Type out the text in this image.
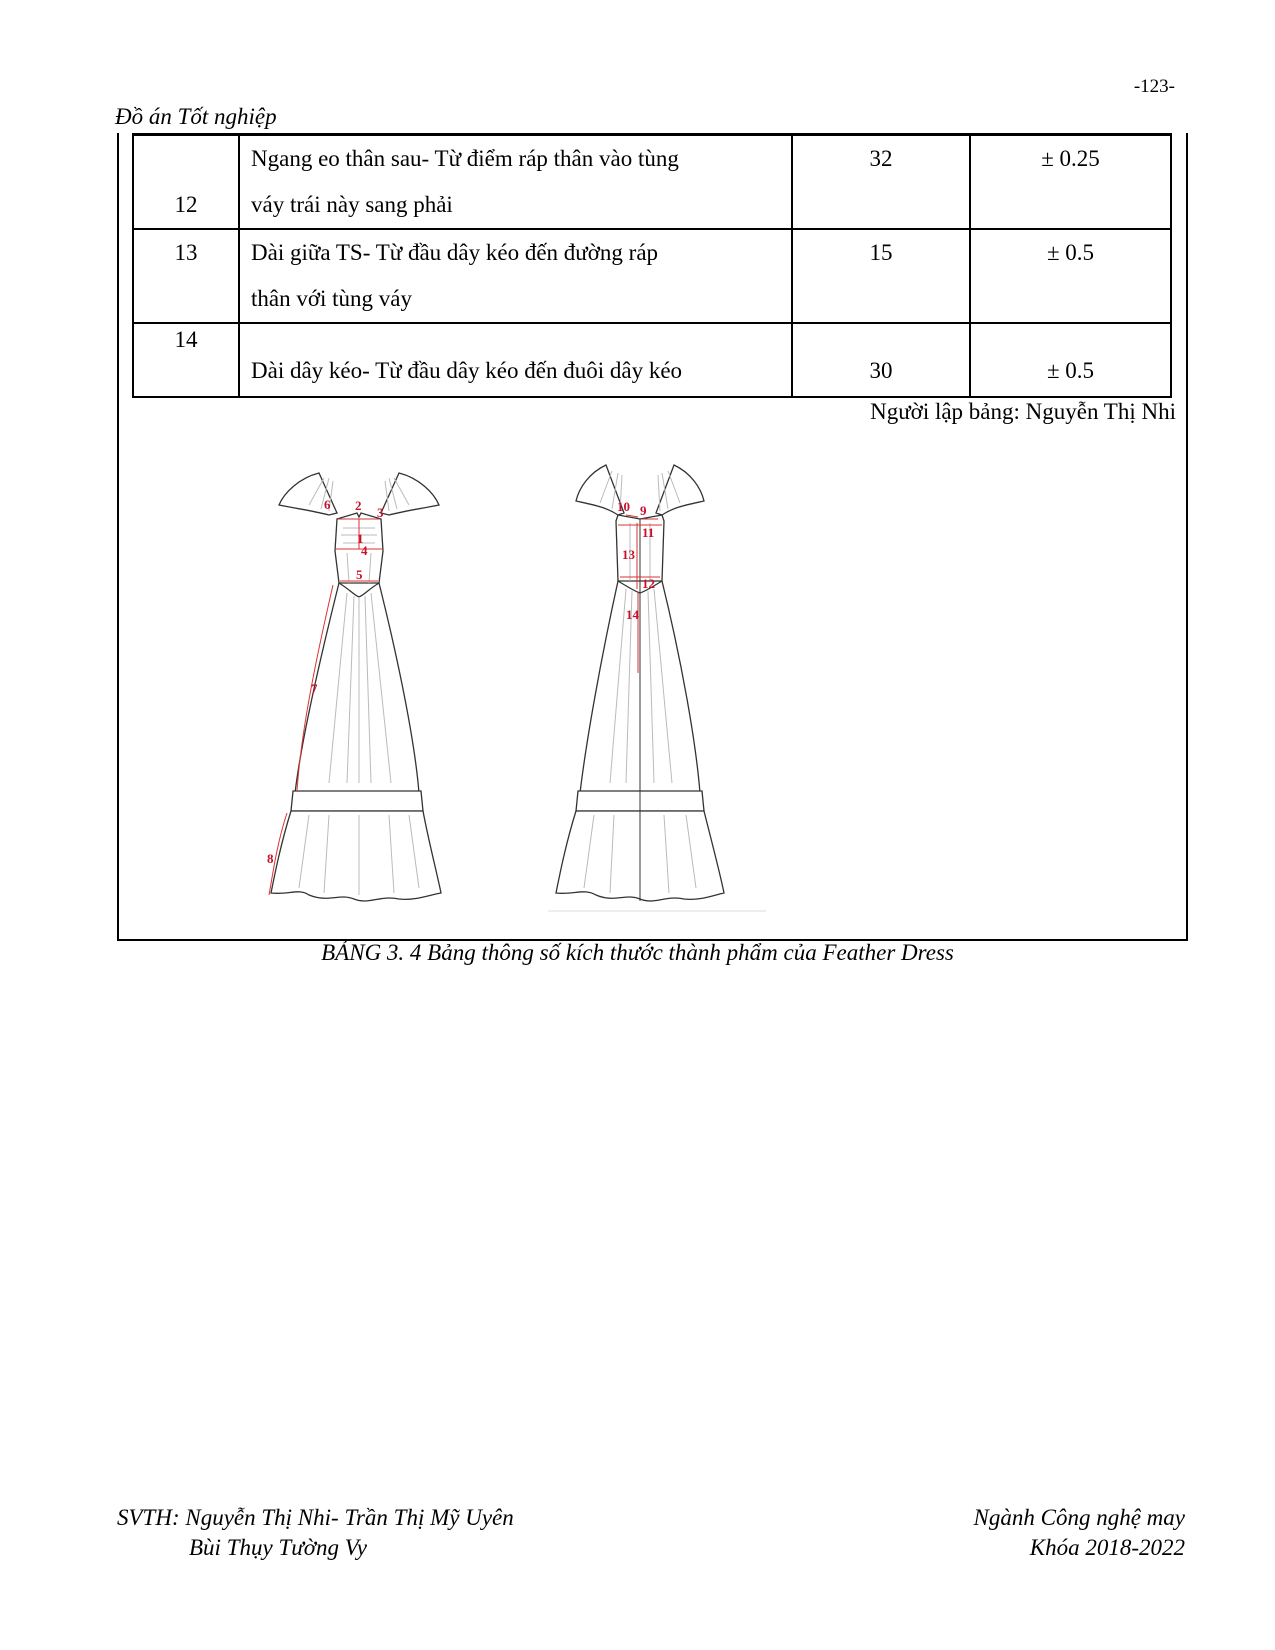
-123-
Đồ án Tốt nghiệp
12	Ngang eo thân sau- Từ điểm ráp thân vào tùng
váy trái này sang phải	32	± 0.25

13	Dài giữa TS- Từ đầu dây kéo đến đường ráp
thân với tùng váy	15	± 0.5

14	Dài dây kéo- Từ đầu dây kéo đến đuôi dây kéo	30	± 0.5
Người lập bảng: Nguyễn Thị Nhi
1
2 3
4
5
6
7
8
9
10
11
12
13
14
BẢNG 3. 4 Bảng thông số kích thước thành phẩm của Feather Dress
SVTH: Nguyễn Thị Nhi- Trần Thị Mỹ Uyên
Bùi Thụy Tường Vy
Ngành Công nghệ may
Khóa 2018-2022
